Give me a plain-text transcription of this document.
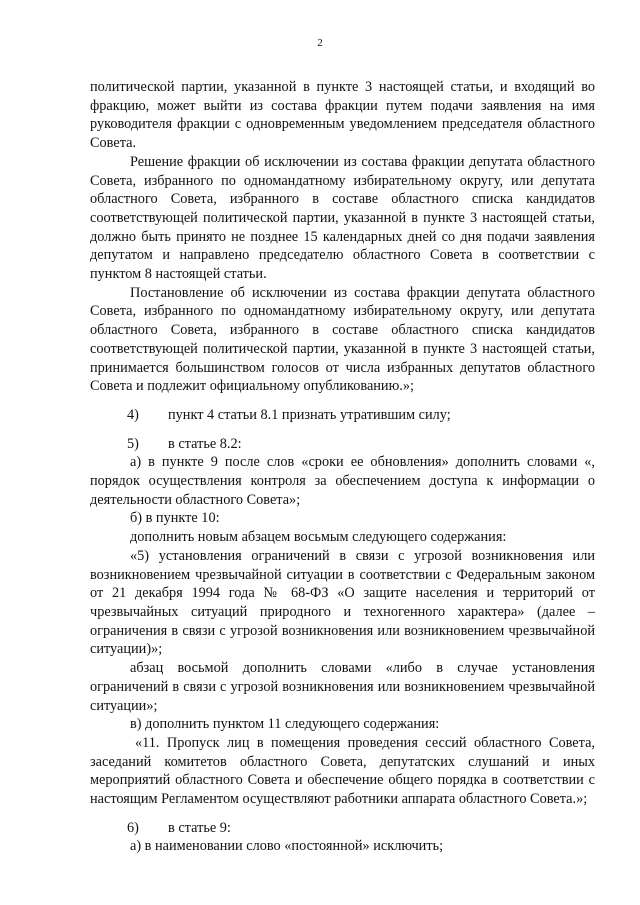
2

политической партии, указанной в пункте 3 настоящей статьи, и входящий во фракцию, может выйти из состава фракции путем подачи заявления на имя руководителя фракции с одновременным уведомлением председателя областного Совета.

Решение фракции об исключении из состава фракции депутата областного Совета, избранного по одномандатному избирательному округу, или депутата областного Совета, избранного в составе областного списка кандидатов соответствующей политической партии, указанной в пункте 3 настоящей статьи, должно быть принято не позднее 15 календарных дней со дня подачи заявления депутатом и направлено председателю областного Совета в соответствии с пунктом 8 настоящей статьи.

Постановление об исключении из состава фракции депутата областного Совета, избранного по одномандатному избирательному округу, или депутата областного Совета, избранного в составе областного списка кандидатов соответствующей политической партии, указанной в пункте 3 настоящей статьи, принимается большинством голосов от числа избранных депутатов областного Совета и подлежит официальному опубликованию.»;

4)	пункт 4 статьи 8.1 признать утратившим силу;
5)	в статье 8.2:

а) в пункте 9 после слов «сроки ее обновления» дополнить словами «, порядок осуществления контроля за обеспечением доступа к информации о деятельности областного Совета»;

б) в пункте 10:

дополнить новым абзацем восьмым следующего содержания:

«5) установления ограничений в связи с угрозой возникновения или возникновением чрезвычайной ситуации в соответствии с Федеральным законом от 21 декабря 1994 года № 68-ФЗ «О защите населения и территорий от чрезвычайных ситуаций природного и техногенного характера» (далее – ограничения в связи с угрозой возникновения или возникновением чрезвычайной ситуации)»;

абзац восьмой дополнить словами «либо в случае установления ограничений в связи с угрозой возникновения или возникновением чрезвычайной ситуации»;

в) дополнить пунктом 11 следующего содержания:

«11. Пропуск лиц в помещения проведения сессий областного Совета, заседаний комитетов областного Совета, депутатских слушаний и иных мероприятий областного Совета и обеспечение общего порядка в соответствии с настоящим Регламентом осуществляют работники аппарата областного Совета.»;

6)	в статье 9:

а) в наименовании слово «постоянной» исключить;
